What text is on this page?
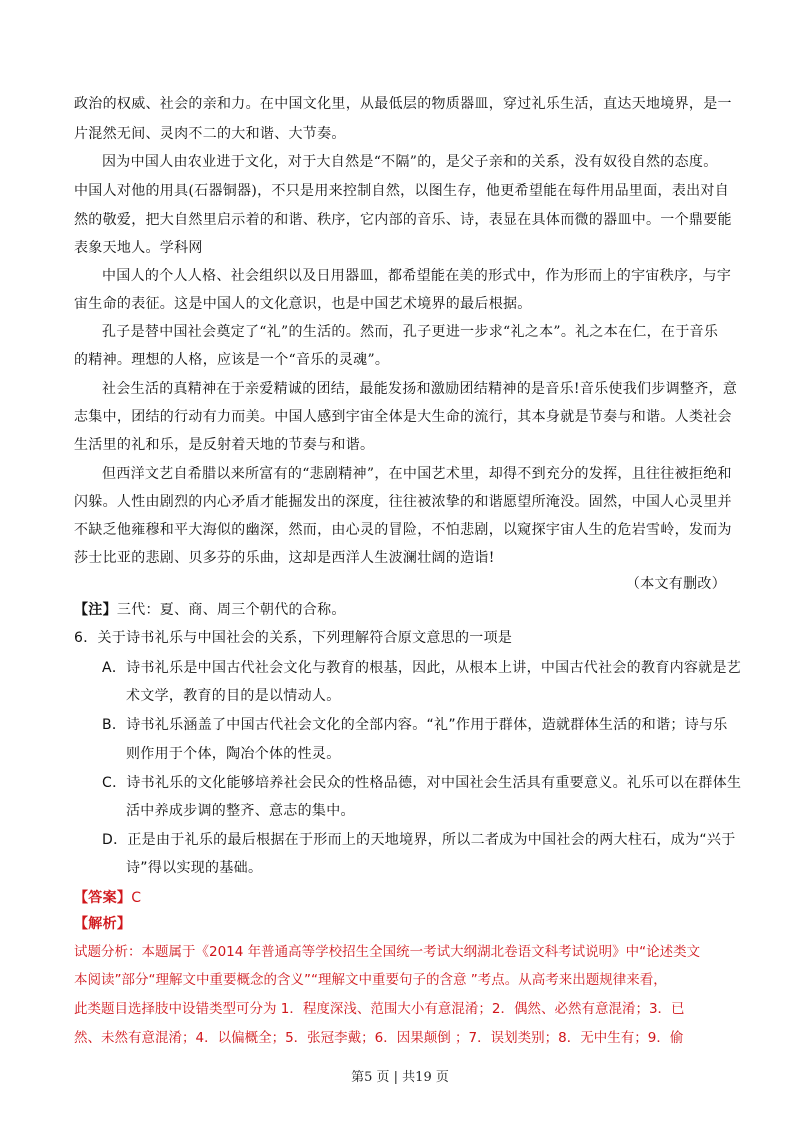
政治的权威、社会的亲和力。在中国文化里，从最低层的物质器皿，穿过礼乐生活，直达天地境界，是一
片混然无间、灵肉不二的大和谐、大节奏。
因为中国人由农业进于文化，对于大自然是“不隔”的，是父子亲和的关系，没有奴役自然的态度。
中国人对他的用具(石器铜器)，不只是用来控制自然，以图生存，他更希望能在每件用品里面，表出对自
然的敬爱，把大自然里启示着的和谐、秩序，它内部的音乐、诗，表显在具体而微的器皿中。一个鼎要能
表象天地人。学科网
中国人的个人人格、社会组织以及日用器皿，都希望能在美的形式中，作为形而上的宇宙秩序，与宇
宙生命的表征。这是中国人的文化意识，也是中国艺术境界的最后根据。
孔子是替中国社会奠定了“礼”的生活的。然而，孔子更进一步求“礼之本”。礼之本在仁，在于音乐
的精神。理想的人格，应该是一个“音乐的灵魂”。
社会生活的真精神在于亲爱精诚的团结，最能发扬和激励团结精神的是音乐!音乐使我们步调整齐，意
志集中，团结的行动有力而美。中国人感到宇宙全体是大生命的流行，其本身就是节奏与和谐。人类社会
生活里的礼和乐，是反射着天地的节奏与和谐。
但西洋文艺自希腊以来所富有的“悲剧精神”，在中国艺术里，却得不到充分的发挥，且往往被拒绝和
闪躲。人性由剧烈的内心矛盾才能掘发出的深度，往往被浓挚的和谐愿望所淹没。固然，中国人心灵里并
不缺乏他雍穆和平大海似的幽深，然而，由心灵的冒险，不怕悲剧，以窥探宇宙人生的危岩雪岭，发而为
莎士比亚的悲剧、贝多芬的乐曲，这却是西洋人生波澜壮阔的造诣!
（本文有删改）
【注】三代：夏、商、周三个朝代的合称。
6．关于诗书礼乐与中国社会的关系，下列理解符合原文意思的一项是
A．诗书礼乐是中国古代社会文化与教育的根基，因此，从根本上讲，中国古代社会的教育内容就是艺
术文学，教育的目的是以情动人。
B．诗书礼乐涵盖了中国古代社会文化的全部内容。“礼”作用于群体，造就群体生活的和谐；诗与乐
则作用于个体，陶冶个体的性灵。
C．诗书礼乐的文化能够培养社会民众的性格品德，对中国社会生活具有重要意义。礼乐可以在群体生
活中养成步调的整齐、意志的集中。
D．正是由于礼乐的最后根据在于形而上的天地境界，所以二者成为中国社会的两大柱石，成为“兴于
诗”得以实现的基础。
【答案】C
【解析】
试题分析：本题属于《2014 年普通高等学校招生全国统一考试大纲湖北卷语文科考试说明》中“论述类文
本阅读”部分“理解文中重要概念的含义”“理解文中重要句子的含意 ”考点。从高考来出题规律来看，
此类题目选择肢中设错类型可分为 1．程度深浅、范围大小有意混淆；2．偶然、必然有意混淆；3．已
然、未然有意混淆；4．以偏概全；5．张冠李戴；6．因果颠倒 ；7．误划类别；8．无中生有；9．偷
第5 页 | 共19 页
